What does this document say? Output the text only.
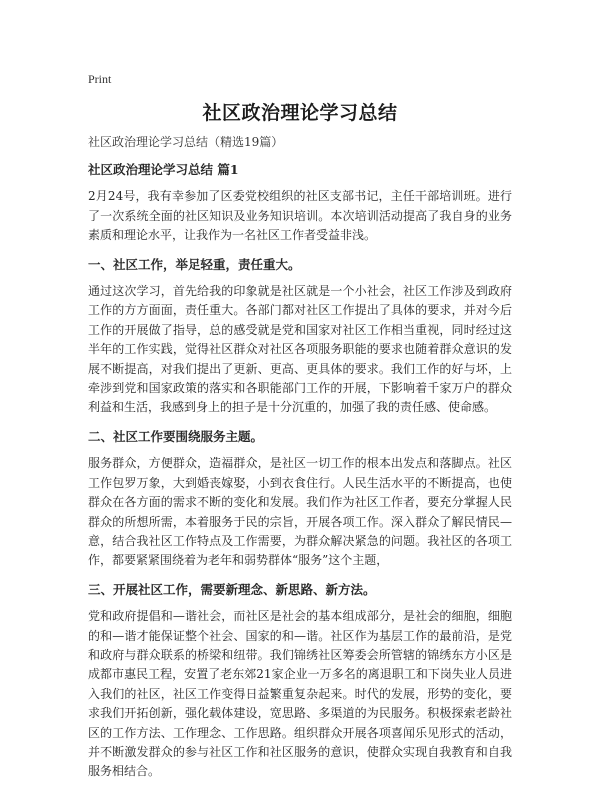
Print
社区政治理论学习总结
社区政治理论学习总结（精选19篇）
社区政治理论学习总结 篇1

2月24号，我有幸参加了区委党校组织的社区支部书记，主任干部培训班。进行了一次系统全面的社区知识及业务知识培训。本次培训活动提高了我自身的业务素质和理论水平，让我作为一名社区工作者受益非浅。

一、社区工作，举足轻重，责任重大。

通过这次学习，首先给我的印象就是社区就是一个小社会，社区工作涉及到政府工作的方方面面，责任重大。各部门都对社区工作提出了具体的要求，并对今后工作的开展做了指导，总的感受就是党和国家对社区工作相当重视，同时经过这半年的工作实践，觉得社区群众对社区各项服务职能的要求也随着群众意识的发展不断提高，对我们提出了更新、更高、更具体的要求。我们工作的好与坏，上牵涉到党和国家政策的落实和各职能部门工作的开展，下影响着千家万户的群众利益和生活，我感到身上的担子是十分沉重的，加强了我的责任感、使命感。

二、社区工作要围绕服务主题。

服务群众，方便群众，造福群众，是社区一切工作的根本出发点和落脚点。社区工作包罗万象，大到婚丧嫁娶，小到衣食住行。人民生活水平的不断提高，也使群众在各方面的需求不断的变化和发展。我们作为社区工作者，要充分掌握人民群众的所想所需，本着服务于民的宗旨，开展各项工作。深入群众了解民情民—意，结合我社区工作特点及工作需要，为群众解决紧急的问题。我社区的各项工作，都要紧紧围绕着为老年和弱势群体“服务”这个主题，

三、开展社区工作，需要新理念、新思路、新方法。

党和政府提倡和—谐社会，而社区是社会的基本组成部分，是社会的细胞，细胞的和—谐才能保证整个社会、国家的和—谐。社区作为基层工作的最前沿，是党和政府与群众联系的桥梁和纽带。我们锦绣社区筹委会所管辖的锦绣东方小区是成都市惠民工程，安置了老东郊21家企业一万多名的离退职工和下岗失业人员进入我们的社区，社区工作变得日益繁重复杂起来。时代的发展，形势的变化，要求我们开拓创新，强化载体建设，宽思路、多渠道的为民服务。积极探索老龄社区的工作方法、工作理念、工作思路。组织群众开展各项喜闻乐见形式的活动，并不断激发群众的参与社区工作和社区服务的意识，使群众实现自我教育和自我服务相结合。
